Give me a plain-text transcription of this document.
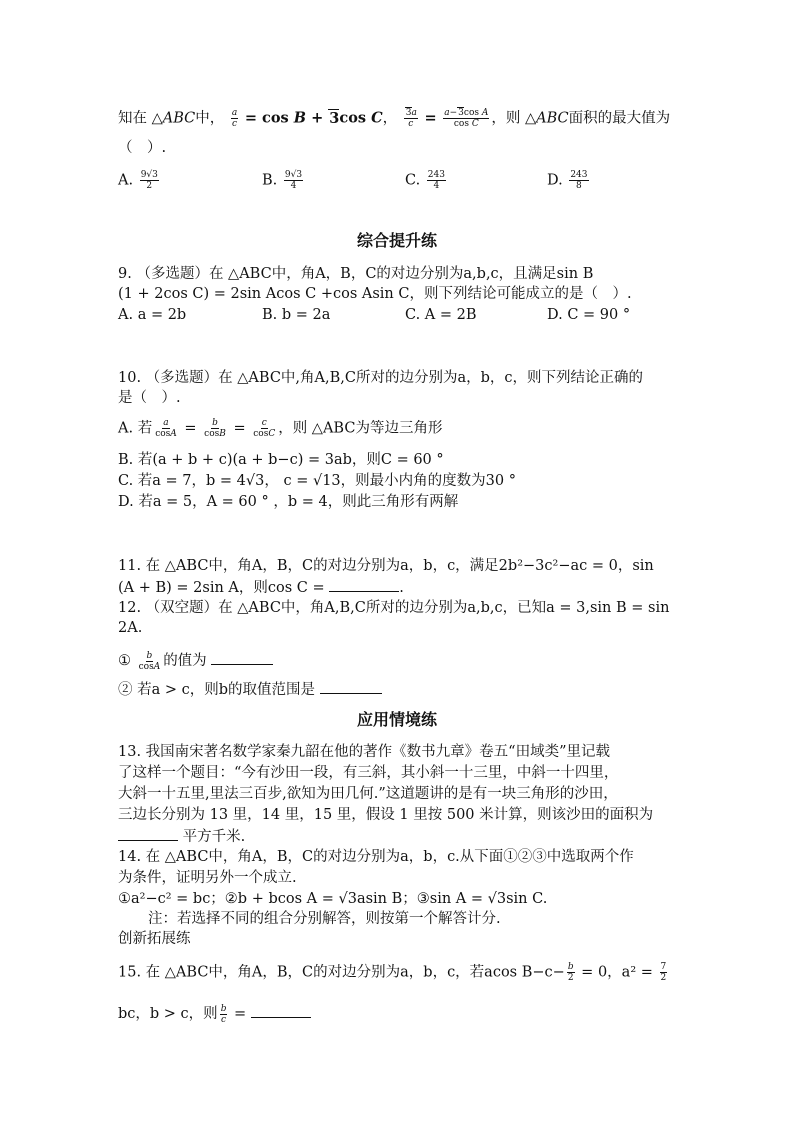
知在 △ABC中， $\frac{a}{c} = \cos B + 3\cos$ C， $\frac{3a}{c} = \frac{\text{a−3cos A}}{\text{cos C}}$ ，则 △ABC面积的最大值为
（　）.
A. $\frac{9√3}{2}$	B. $\frac{9√3}{4}$	C. $\frac{243}{4}$	D. $\frac{243}{8}$
综合提升练
9. （多选题）在 △ABC中，角A，B，C的对边分别为a,b,c，且满足sin B
(1 + 2cos C) = 2sin Acos C +cos Asin C，则下列结论可能成立的是（　）.
A. a = 2b	B. b = 2a	C. A = 2B	D. C = 90 °
10. （多选题）在 △ABC中,角A,B,C所对的边分别为a，b，c，则下列结论正确的
是（　）.
A. 若 $\frac{a}{\cos A} = \frac{b}{\cos B} = \frac{c}{\cos C}$ ，则 △ABC为等边三角形
B. 若(a + b + c)(a + b−c) = 3ab，则C = 60 °
C. 若a = 7，b = 4√3， c = √13，则最小内角的度数为30 °
D. 若a = 5，A = 60 ° ，b = 4，则此三角形有两解
11. 在 △ABC中，角A，B，C的对边分别为a，b，c，满足2b²−3c²−ac = 0，sin
(A + B) = 2sin A，则cos C =	.
12. （双空题）在 △ABC中，角A,B,C所对的边分别为a,b,c，已知a = 3,sin B = sin
2A.
① $\frac{b}{\cos A}$ 的值为
② 若a > c，则b的取值范围是
应用情境练
13. 我国南宋著名数学家秦九韶在他的著作《数书九章》卷五“田域类”里记载
了这样一个题目：“今有沙田一段，有三斜，其小斜一十三里，中斜一十四里，
大斜一十五里,里法三百步,欲知为田几何.”这道题讲的是有一块三角形的沙田，
三边长分别为 13 里，14 里，15 里，假设 1 里按 500 米计算，则该沙田的面积为
平方千米.
14. 在 △ABC中，角A，B，C的对边分别为a，b，c.从下面①②③中选取两个作
为条件，证明另外一个成立.
①a²−c² = bc；②b + bcos A = √3asin B；③sin A = √3sin C.
注：若选择不同的组合分别解答，则按第一个解答计分.
创新拓展练
15. 在 △ABC中，角A，B，C的对边分别为a，b，c，若acos $B-c- \frac{b}{2} = 0$，$a^2 = \frac{7}{2}$
bc，b > c，则 $\frac{b}{c}$ =
